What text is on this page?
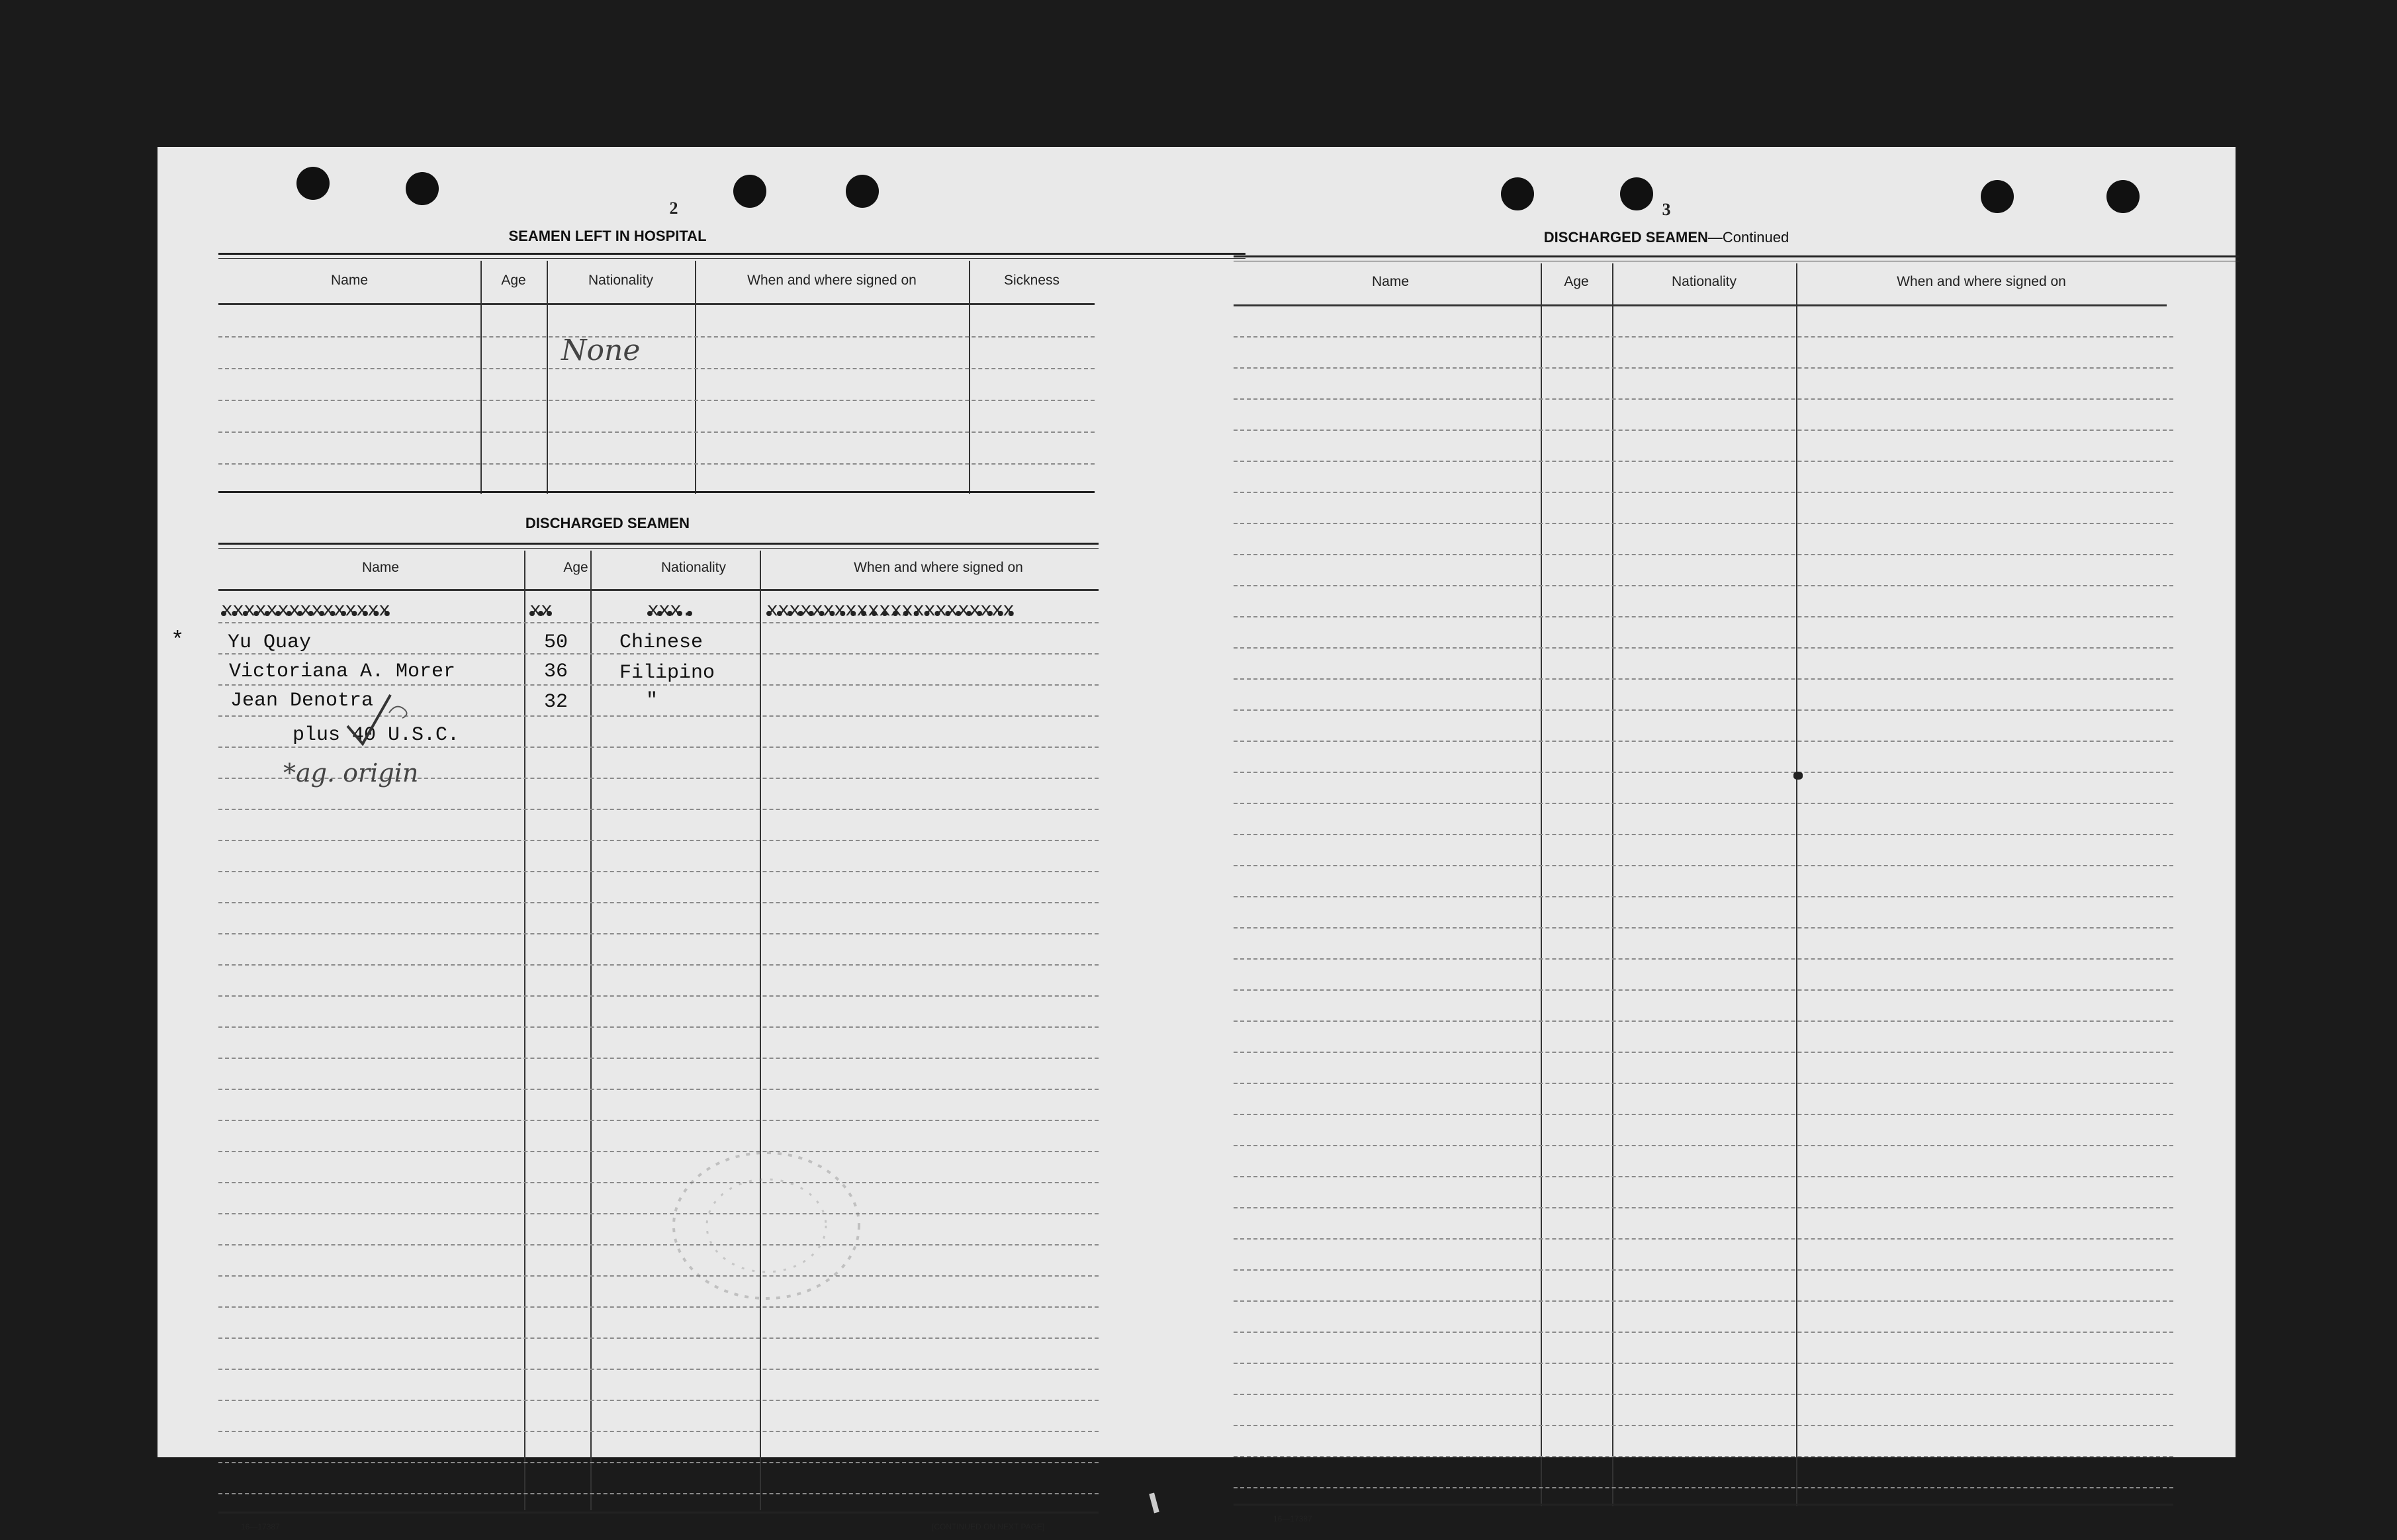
2
SEAMEN LEFT IN HOSPITAL
Name	Age	Nationality	When and where signed on	Sickness
None
DISCHARGED SEAMEN
Name	Age	Nationality	When and where signed on
xxxxxxxxxxxxxxx	xx	xxx.	xxxxxxxxxxxxxxxxxxxxxx
* Yu Quay	50	Chinese
Victoriana A. Morer	36	Filipino
Jean Denotra	32	"
plus 40 U.S.C.
*ag. origin
16—17387	[CONTINUED ON NEXT PAGE]
3
DISCHARGED SEAMEN—Continued
Name	Age	Nationality	When and where signed on
16—17387
